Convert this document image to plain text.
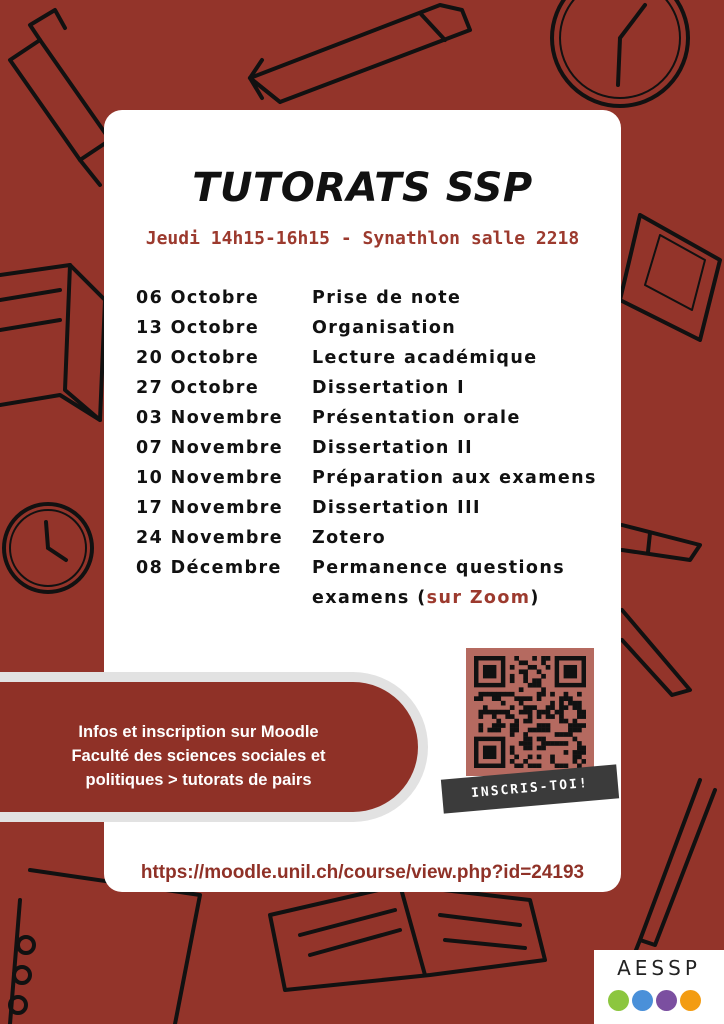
TUTORATS SSP
Jeudi 14h15-16h15 - Synathlon salle 2218
06 Octobre	Prise de note
13 Octobre	Organisation
20 Octobre	Lecture académique
27 Octobre	Dissertation I
03 Novembre Présentation orale
07 Novembre Dissertation II
10 Novembre Préparation aux examens
17 Novembre Dissertation III
24 Novembre Zotero
08 Décembre Permanence questions
examens (sur Zoom)
Infos et inscription sur Moodle
Faculté des sciences sociales et
politiques > tutorats de pairs	INSCRIS-TOI!
https://moodle.unil.ch/course/view.php?id=24193
AESSP
